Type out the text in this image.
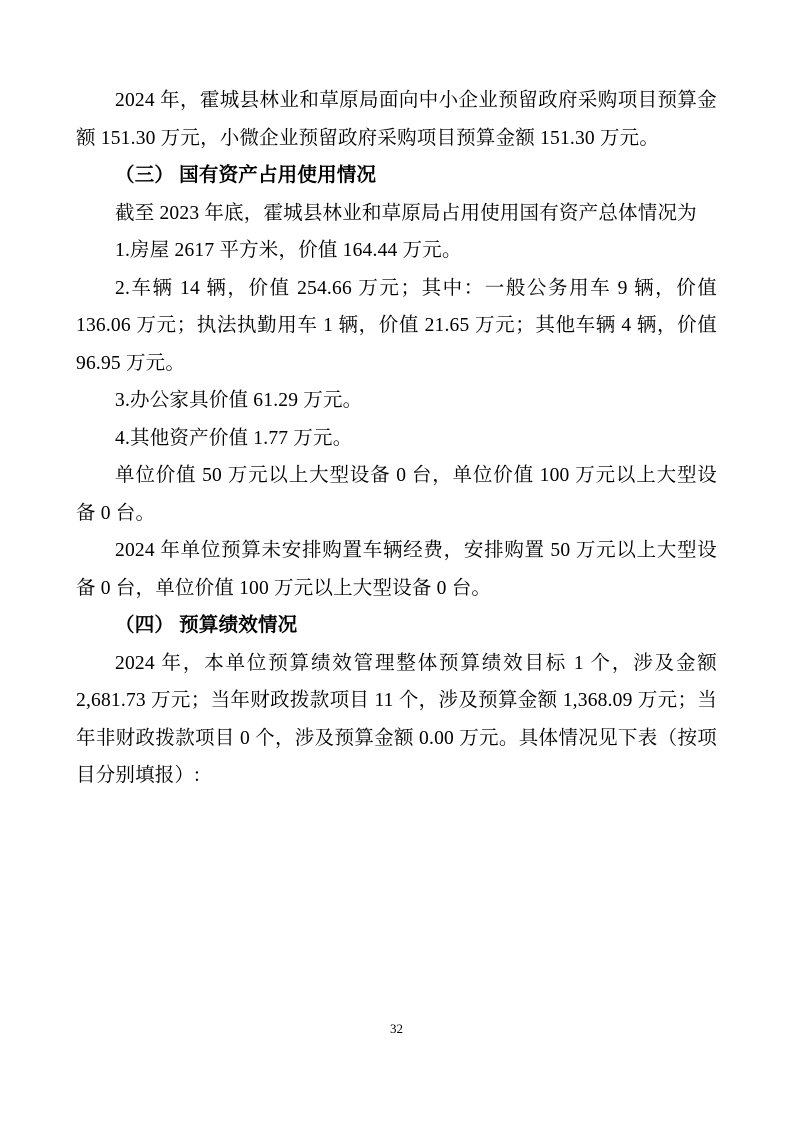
2024 年，霍城县林业和草原局面向中小企业预留政府采购项目预算金额 151.30 万元，小微企业预留政府采购项目预算金额 151.30 万元。

（三） 国有资产占用使用情况

截至 2023 年底，霍城县林业和草原局占用使用国有资产总体情况为

1.房屋 2617 平方米，价值 164.44 万元。

2.车辆 14 辆，价值 254.66 万元；其中：一般公务用车 9 辆，价值 136.06 万元；执法执勤用车 1 辆，价值 21.65 万元；其他车辆 4 辆，价值 96.95 万元。

3.办公家具价值 61.29 万元。

4.其他资产价值 1.77 万元。

单位价值 50 万元以上大型设备 0 台，单位价值 100 万元以上大型设备 0 台。

2024 年单位预算未安排购置车辆经费，安排购置 50 万元以上大型设备 0 台，单位价值 100 万元以上大型设备 0 台。

（四） 预算绩效情况

2024 年，本单位预算绩效管理整体预算绩效目标 1 个，涉及金额 2,681.73 万元；当年财政拨款项目 11 个，涉及预算金额 1,368.09 万元；当年非财政拨款项目 0 个，涉及预算金额 0.00 万元。具体情况见下表（按项目分别填报）:

32
